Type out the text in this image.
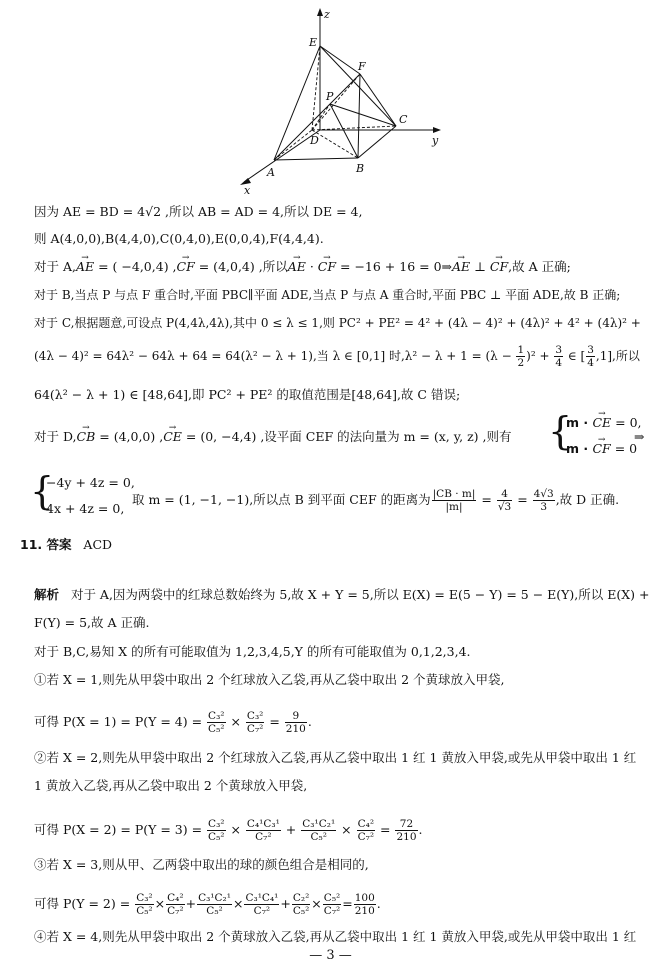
z
y
x
E
F
P
D
C
A	B
因为 AE = BD = 4√2 ,所以 AB = AD = 4,所以 DE = 4,
则 A(4,0,0),B(4,4,0),C(0,4,0),E(0,0,4),F(4,4,4).
对于 A,→ AE = ( −4,0,4) ,→ CF = (4,0,4) ,所以→ AE · → CF = −16 + 16 = 0⇒→ AE ⊥ → CF,故 A 正确;
对于 B,当点 P 与点 F 重合时,平面 PBC∥平面 ADE,当点 P 与点 A 重合时,平面 PBC ⊥ 平面 ADE,故 B 正确;
对于 C,根据题意,可设点 P(4,4λ,4λ),其中 0 ≤ λ ≤ 1,则 PC² + PE² = 4² + (4λ − 4)² + (4λ)² + 4² + (4λ)² +
(4λ − 4)² = 64λ² − 64λ + 64 = 64(λ² − λ + 1),当 λ ∈ [0,1] 时$,\lambda^2 - \lambda + 1 = (\lambda - \frac{1}{2} )^2 + \frac{3}{4}$ ∈ [ $\frac{3}{4} ,1$],所以
64(λ² − λ + 1) ∈ [48,64],即 PC² + PE² 的取值范围是[48,64],故 C 错误;
对于 D,→ CB = (4,0,0) ,→ CE = (0, −4,4) ,设平面 CEF 的法向量为 m = (x, y, z) ,则有 {
m · → CE = 0,
m · → CF = 0
⇒
{
−4y + 4z = 0,
4x + 4z = 0,
取 m = (1, −1, −1),所以点 B 到平面 CEF 的距离为 $\frac{|CB \cdot m|}{|m|} = \frac{4}{√3} = \frac{4√3}{3}$ ,故 D 正确.
11. 答案 ACD
解析 对于 A,因为两袋中的红球总数始终为 5,故 X + Y = 5,所以 E(X) = E(5 − Y) = 5 − E(Y),所以 E(X) +
F(Y) = 5,故 A 正确.
对于 B,C,易知 X 的所有可能取值为 1,2,3,4,5,Y 的所有可能取值为 0,1,2,3,4.
①若 X = 1,则先从甲袋中取出 2 个红球放入乙袋,再从乙袋中取出 2 个黄球放入甲袋,
可得 $P(X = 1) = P(Y = 4) = \frac{\text{C₃²}}{\text{C₅²}} \times \frac{\text{C₃²}}{\text{C₇²}} = \frac{9}{210}$ .
②若 X = 2,则先从甲袋中取出 2 个红球放入乙袋,再从乙袋中取出 1 红 1 黄放入甲袋,或先从甲袋中取出 1 红
1 黄放入乙袋,再从乙袋中取出 2 个黄球放入甲袋,
可得 $P(X = 2) = P(Y = 3) = \frac{\text{C₃²}}{\text{C₅²}} \times \frac{\text{C₄¹C₃¹}}{\text{C₇²}} + \frac{\text{C₃¹C₂¹}}{\text{C₅²}} \times \frac{\text{C₄²}}{\text{C₇²}} = \frac{72}{210}$ .
③若 X = 3,则从甲、乙两袋中取出的球的颜色组合是相同的,
可得 $P(Y = 2) = \frac{\text{C₃²}}{\text{C₅²}} \times \frac{\text{C₄²}}{\text{C₇²}} + \frac{\text{C₃¹C₂¹}}{\text{C₅²}} \times \frac{\text{C₃¹C₄¹}}{\text{C₇²}} + \frac{\text{C₂²}}{\text{C₅²}} \times \frac{\text{C₅²}}{\text{C₇²}} = \frac{100}{210}$ .
④若 X = 4,则先从甲袋中取出 2 个黄球放入乙袋,再从乙袋中取出 1 红 1 黄放入甲袋,或先从甲袋中取出 1 红
— 3 —
